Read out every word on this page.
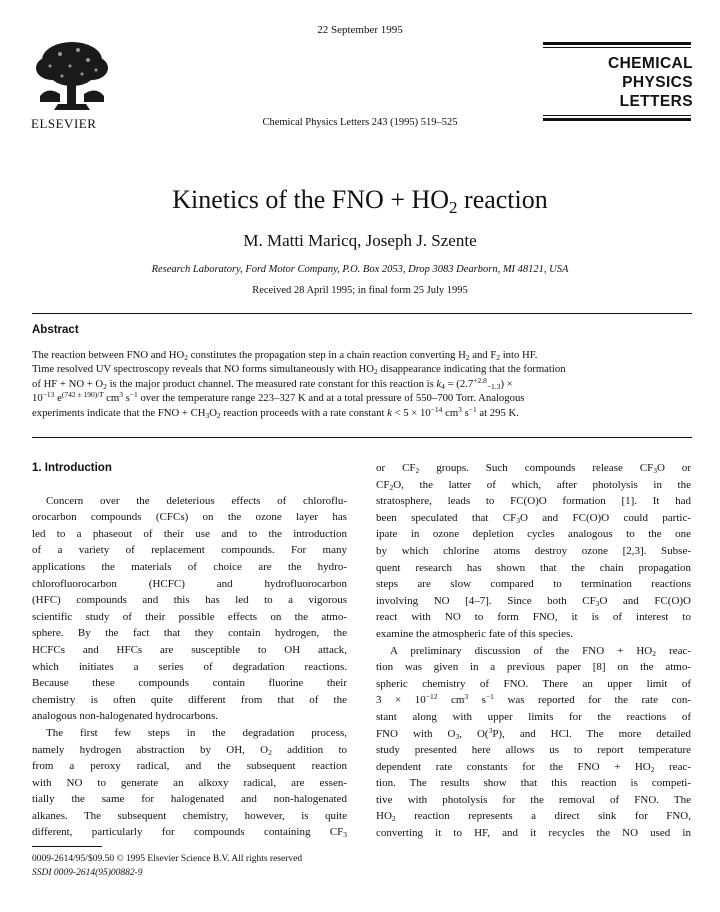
ELSEVIER
22 September 1995
Chemical Physics Letters 243 (1995) 519–525
CHEMICAL
PHYSICS
LETTERS
Kinetics of the FNO + $HO_2$ reaction
M. Matti Maricq, Joseph J. Szente
Research Laboratory, Ford Motor Company, P.O. Box 2053, Drop 3083 Dearborn, MI 48121, USA
Received 28 April 1995; in final form 25 July 1995
Abstract
The reaction between FNO and $HO_2$ constitutes the propagation step in a chain reaction converting $H_2$ and $F_2$ into HF.
Time resolved UV spectroscopy reveals that NO forms simultaneously with $HO_2$ disappearance indicating that the formation
of HF + NO + $O_2$ is the major product channel. The measured rate constant for this reaction is $k_4 = (2.7^{+2.8}_{-1.3})$ ×
$10^{-13}$ $e^{(742 \pm 190)/T}$ $cm^3$ $s^{-1}$ over the temperature range 223–327 K and at a total pressure of 550–700 Torr. Analogous
experiments indicate that the FNO + $CH_3O_2$ reaction proceeds with a rate constant $k < 5 \times 10^{-14}$ $cm^3$ $s^{-1}$ at 295 K.
1. Introduction
Concern over the deleterious effects of chloroflu-
orocarbon compounds (CFCs) on the ozone layer has
led to a phaseout of their use and to the introduction
of a variety of replacement compounds. For many
applications the materials of choice are the hydro-
chlorofluorocarbon (HCFC) and hydrofluorocarbon
(HFC) compounds and this has led to a vigorous
scientific study of their possible effects on the atmo-
sphere. By the fact that they contain hydrogen, the
HCFCs and HFCs are susceptible to OH attack,
which initiates a series of degradation reactions.
Because these compounds contain fluorine their
chemistry is often quite different from that of the
analogous non-halogenated hydrocarbons.
The first few steps in the degradation process,
namely hydrogen abstraction by OH, $O_2$ addition to
from a peroxy radical, and the subsequent reaction
with NO to generate an alkoxy radical, are essen-
tially the same for halogenated and non-halogenated
alkanes. The subsequent chemistry, however, is quite
different, particularly for compounds containing $CF_3$
or $CF_2$ groups. Such compounds release $CF_3O$ or
$CF_2O$, the latter of which, after photolysis in the
stratosphere, leads to FC(O)O formation [1]. It had
been speculated that $CF_3O$ and FC(O)O could partic-
ipate in ozone depletion cycles analogous to the one
by which chlorine atoms destroy ozone [2,3]. Subse-
quent research has shown that the chain propagation
steps are slow compared to termination reactions
involving NO [4–7]. Since both $CF_3O$ and FC(O)O
react with NO to form FNO, it is of interest to
examine the atmospheric fate of this species.
A preliminary discussion of the FNO + $HO_2$ reac-
tion was given in a previous paper [8] on the atmo-
spheric chemistry of FNO. There an upper limit of
$3 \times 10^{-12}$ $cm^3$ $s^{-1}$ was reported for the rate con-
stant along with upper limits for the reactions of
FNO with $O_3$, O($^3$P), and HCl. The more detailed
study presented here allows us to report temperature
dependent rate constants for the FNO + $HO_2$ reac-
tion. The results show that this reaction is competi-
tive with photolysis for the removal of FNO. The
$HO_2$ reaction represents a direct sink for FNO,
converting it to HF, and it recycles the NO used in
0009-2614/95/$09.50 © 1995 Elsevier Science B.V. All rights reserved
SSDI 0009-2614(95)00882-9
